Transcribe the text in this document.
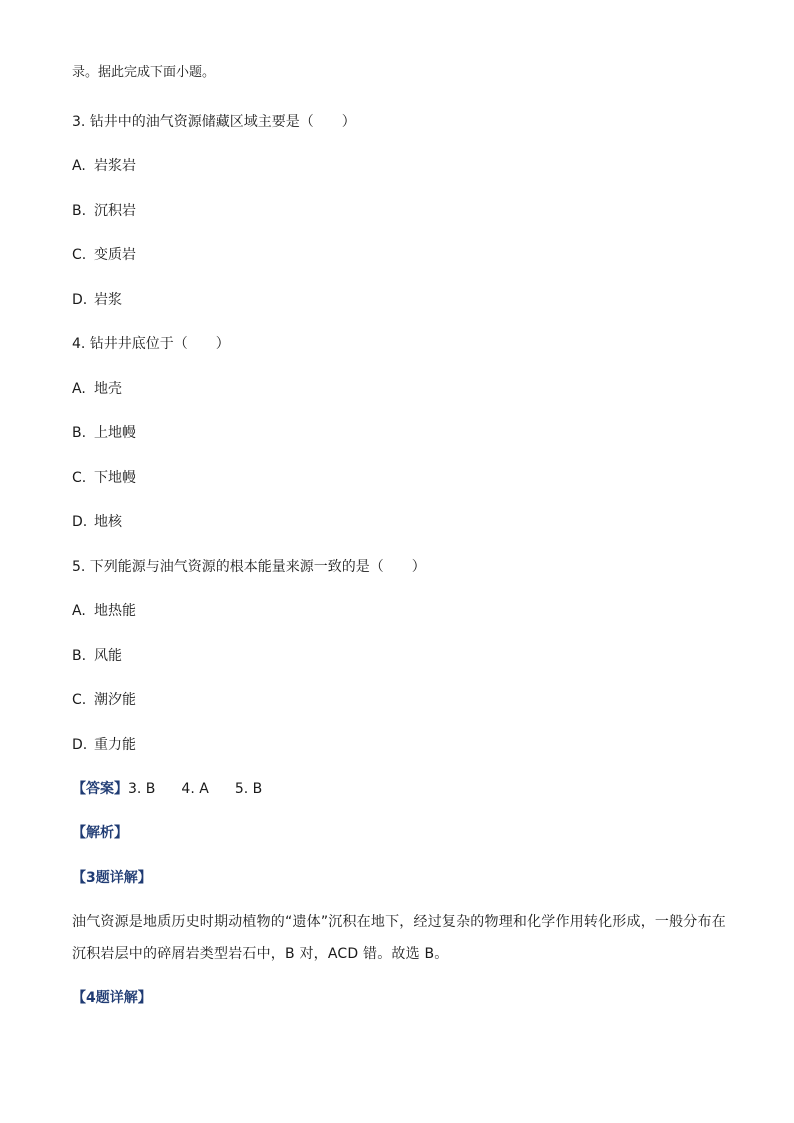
录。据此完成下面小题。
3. 钻井中的油气资源储藏区域主要是（　　）
A. 岩浆岩
B. 沉积岩
C. 变质岩
D. 岩浆
4. 钻井井底位于（　　）
A. 地壳
B. 上地幔
C. 下地幔
D. 地核
5. 下列能源与油气资源的根本能量来源一致的是（　　）
A. 地热能
B. 风能
C. 潮汐能
D. 重力能
【答案】3. B 4. A 5. B
【解析】
【3题详解】
油气资源是地质历史时期动植物的“遗体”沉积在地下，经过复杂的物理和化学作用转化形成，一般分布在
沉积岩层中的碎屑岩类型岩石中，B 对，ACD 错。故选 B。
【4题详解】
